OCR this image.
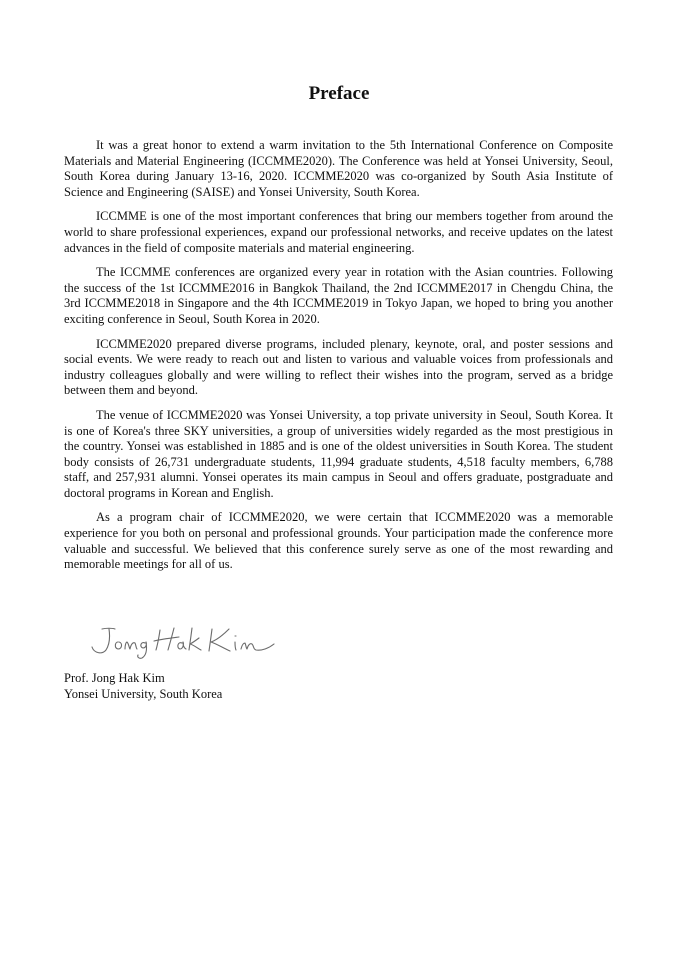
Preface

It was a great honor to extend a warm invitation to the 5th International Conference on Composite Materials and Material Engineering (ICCMME2020). The Conference was held at Yonsei University, Seoul, South Korea during January 13-16, 2020. ICCMME2020 was co-organized by South Asia Institute of Science and Engineering (SAISE) and Yonsei University, South Korea.

ICCMME is one of the most important conferences that bring our members together from around the world to share professional experiences, expand our professional networks, and receive updates on the latest advances in the field of composite materials and material engineering.

The ICCMME conferences are organized every year in rotation with the Asian countries. Following the success of the 1st ICCMME2016 in Bangkok Thailand, the 2nd ICCMME2017 in Chengdu China, the 3rd ICCMME2018 in Singapore and the 4th ICCMME2019 in Tokyo Japan, we hoped to bring you another exciting conference in Seoul, South Korea in 2020.

ICCMME2020 prepared diverse programs, included plenary, keynote, oral, and poster sessions and social events. We were ready to reach out and listen to various and valuable voices from professionals and industry colleagues globally and were willing to reflect their wishes into the program, served as a bridge between them and beyond.

The venue of ICCMME2020 was Yonsei University, a top private university in Seoul, South Korea. It is one of Korea's three SKY universities, a group of universities widely regarded as the most prestigious in the country. Yonsei was established in 1885 and is one of the oldest universities in South Korea. The student body consists of 26,731 undergraduate students, 11,994 graduate students, 4,518 faculty members, 6,788 staff, and 257,931 alumni. Yonsei operates its main campus in Seoul and offers graduate, postgraduate and doctoral programs in Korean and English.

As a program chair of ICCMME2020, we were certain that ICCMME2020 was a memorable experience for you both on personal and professional grounds. Your participation made the conference more valuable and successful. We believed that this conference surely serve as one of the most rewarding and memorable meetings for all of us.

Prof. Jong Hak Kim
Yonsei University, South Korea
